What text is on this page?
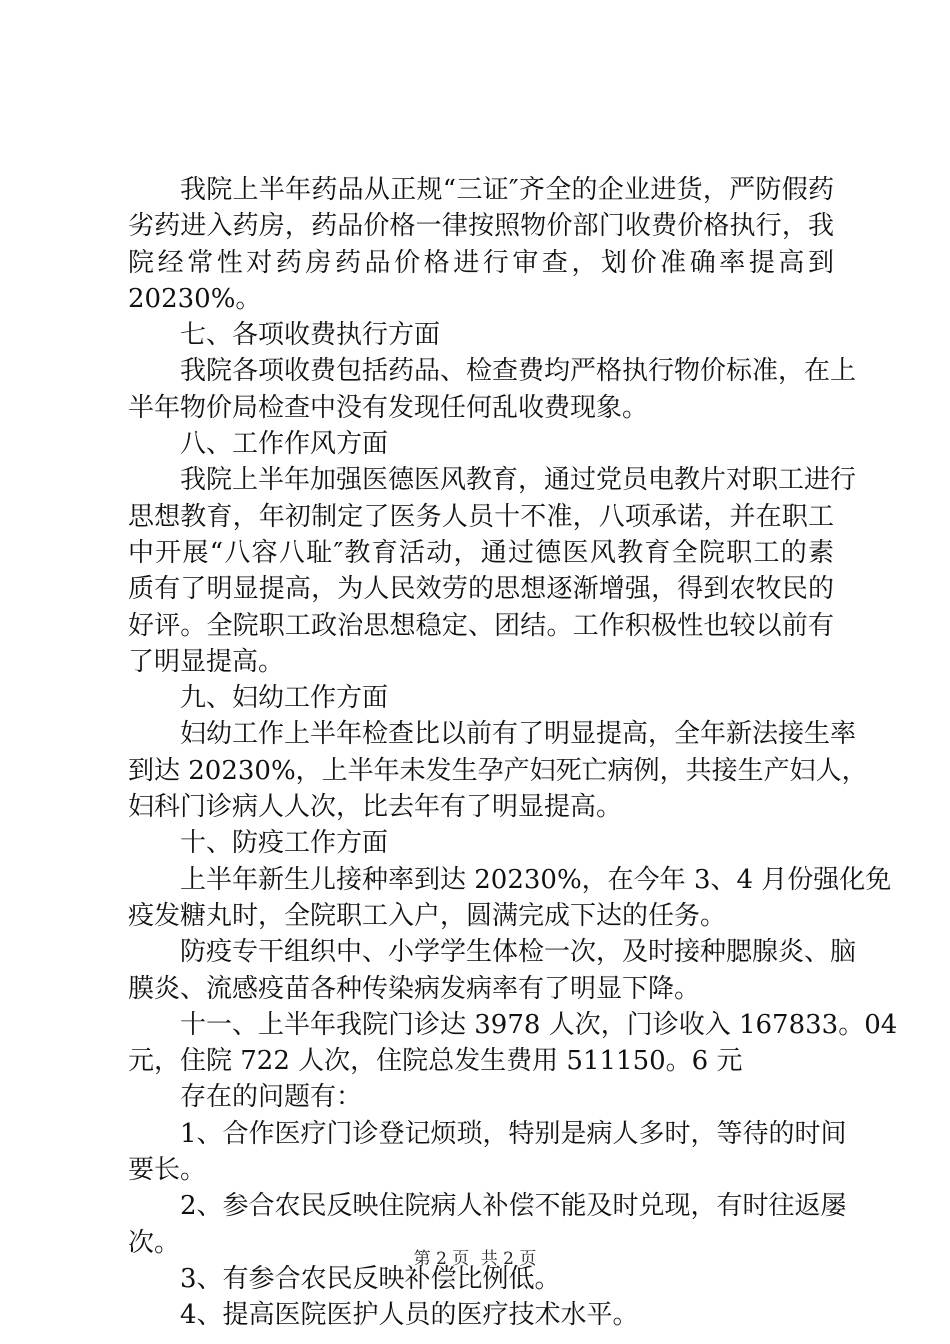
我院上半年药品从正规“三证″齐全的企业进货，严防假药
劣药进入药房，药品价格一律按照物价部门收费价格执行，我
院经常性对药房药品价格进行审查，划价准确率提高到
20230%。
七、各项收费执行方面
我院各项收费包括药品、检查费均严格执行物价标准，在上
半年物价局检查中没有发现任何乱收费现象。
八、工作作风方面
我院上半年加强医德医风教育，通过党员电教片对职工进行
思想教育，年初制定了医务人员十不准，八项承诺，并在职工
中开展“八容八耻″教育活动，通过德医风教育全院职工的素
质有了明显提高，为人民效劳的思想逐渐增强，得到农牧民的
好评。全院职工政治思想稳定、团结。工作积极性也较以前有
了明显提高。
九、妇幼工作方面
妇幼工作上半年检查比以前有了明显提高，全年新法接生率
到达 20230%，上半年未发生孕产妇死亡病例，共接生产妇人，
妇科门诊病人人次，比去年有了明显提高。
十、防疫工作方面
上半年新生儿接种率到达 20230%，在今年 3、4 月份强化免
疫发糖丸时，全院职工入户，圆满完成下达的任务。
防疫专干组织中、小学学生体检一次，及时接种腮腺炎、脑
膜炎、流感疫苗各种传染病发病率有了明显下降。
十一、上半年我院门诊达 3978 人次，门诊收入 167833。04
元，住院 722 人次，住院总发生费用 511150。6 元
存在的问题有：
1、合作医疗门诊登记烦琐，特别是病人多时，等待的时间
要长。
2、参合农民反映住院病人补偿不能及时兑现，有时往返屡
次。
3、有参合农民反映补偿比例低。
4、提高医院医护人员的医疗技术水平。
第 2 页 共 2 页
